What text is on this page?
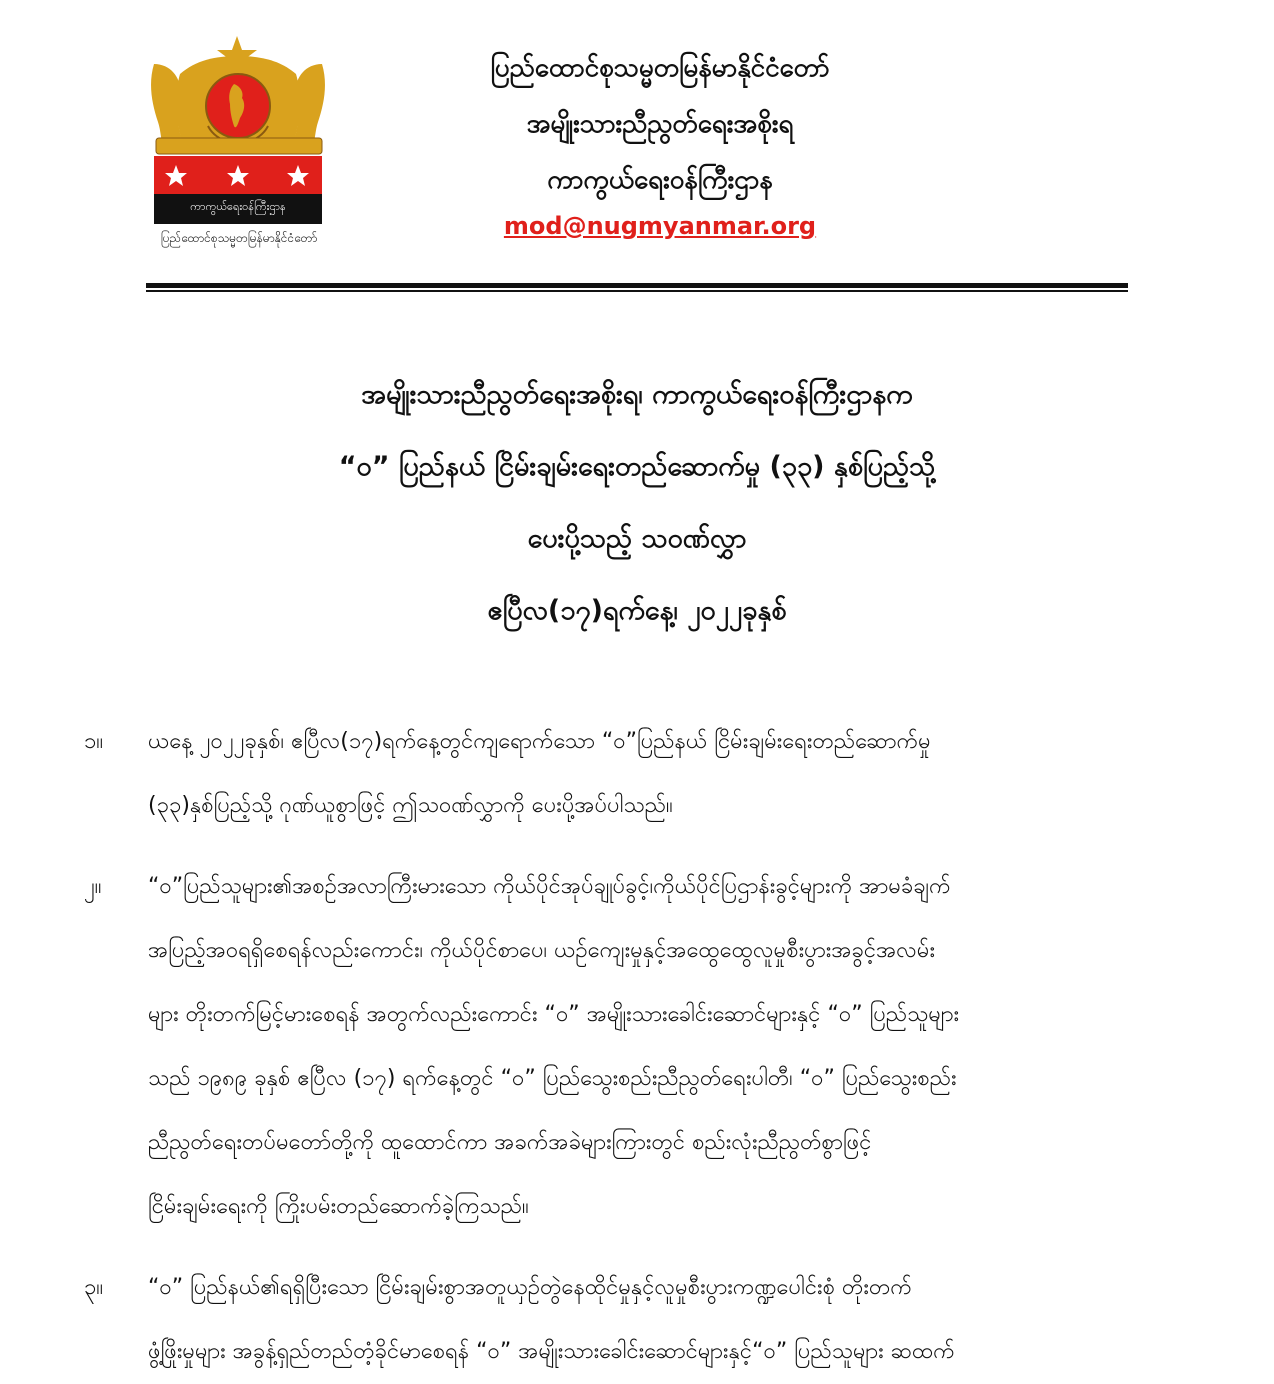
ကာကွယ်ရေးဝန်ကြီးဌာန
ပြည်ထောင်စုသမ္မတမြန်မာနိုင်ငံတော်
ပြည်ထောင်စုသမ္မတမြန်မာနိုင်ငံတော်
အမျိုးသားညီညွတ်ရေးအစိုးရ
ကာကွယ်ရေးဝန်ကြီးဌာန
mod@nugmyanmar.org
အမျိုးသားညီညွတ်ရေးအစိုးရ၊ ကာကွယ်ရေးဝန်ကြီးဌာနက
“ဝ” ပြည်နယ် ငြိမ်းချမ်းရေးတည်ဆောက်မှု (၃၃) နှစ်ပြည့်သို့
ပေးပို့သည့် သဝဏ်လွှာ
ဧပြီလ(၁၇)ရက်နေ့၊ ၂၀၂၂ခုနှစ်
၁။	ယနေ့ ၂၀၂၂ခုနှစ်၊ ဧပြီလ(၁၇)ရက်နေ့တွင်ကျရောက်သော “ဝ”ပြည်နယ် ငြိမ်းချမ်းရေးတည်ဆောက်မှု
(၃၃)နှစ်ပြည့်သို့ ဂုဏ်ယူစွာဖြင့် ဤသဝဏ်လွှာကို ပေးပို့အပ်ပါသည်။
၂။	“ဝ”ပြည်သူများ၏အစဉ်အလာကြီးမားသော ကိုယ်ပိုင်အုပ်ချုပ်ခွင့်၊ကိုယ်ပိုင်ပြဌာန်းခွင့်များကို အာမခံချက်
အပြည့်အဝရရှိစေရန်လည်းကောင်း၊ ကိုယ်ပိုင်စာပေ၊ ယဉ်ကျေးမှုနှင့်အထွေထွေလူမှုစီးပွားအခွင့်အလမ်း
များ တိုးတက်မြင့်မားစေရန် အတွက်လည်းကောင်း “ဝ” အမျိုးသားခေါင်းဆောင်များနှင့် “ဝ” ပြည်သူများ
သည် ၁၉၈၉ ခုနှစ် ဧပြီလ (၁၇) ရက်နေ့တွင် “ဝ” ပြည်သွေးစည်းညီညွတ်ရေးပါတီ၊ “ဝ” ပြည်သွေးစည်း
ညီညွတ်ရေးတပ်မတော်တို့ကို ထူထောင်ကာ အခက်အခဲများကြားတွင် စည်းလုံးညီညွတ်စွာဖြင့်
ငြိမ်းချမ်းရေးကို ကြိုးပမ်းတည်ဆောက်ခဲ့ကြသည်။
၃။	“ဝ” ပြည်နယ်၏ရရှိပြီးသော ငြိမ်းချမ်းစွာအတူယှဉ်တွဲနေထိုင်မှုနှင့်လူမှုစီးပွားကဏ္ဍပေါင်းစုံ တိုးတက်
ဖွံ့ဖြိုးမှုများ အခွန့်ရှည်တည်တံ့ခိုင်မာစေရန် “ဝ” အမျိုးသားခေါင်းဆောင်များနှင့်“ဝ” ပြည်သူများ ဆထက်
